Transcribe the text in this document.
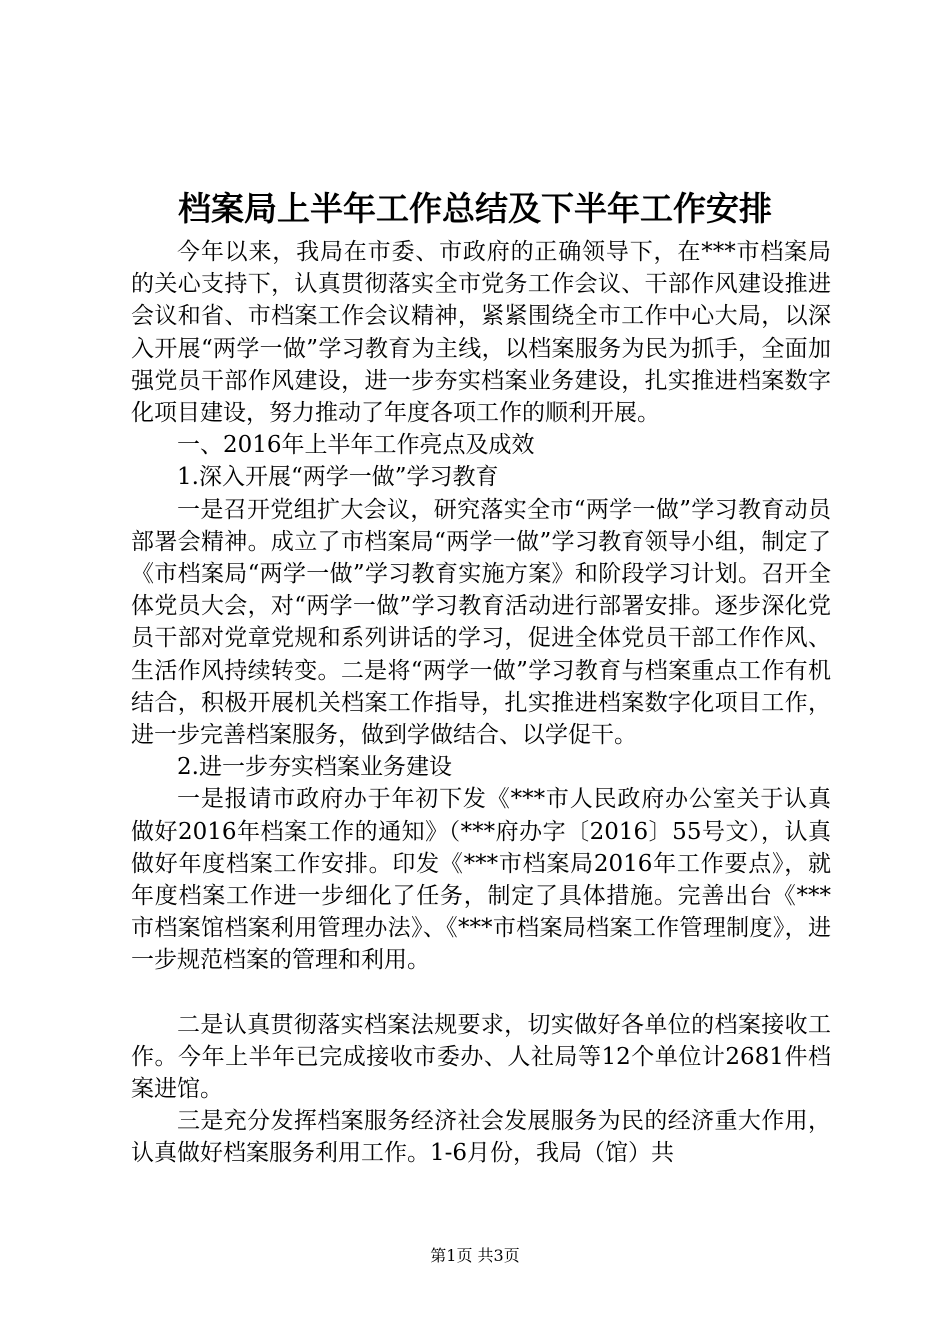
档案局上半年工作总结及下半年工作安排

今年以来，我局在市委、市政府的正确领导下，在***市档案局的关心支持下，认真贯彻落实全市党务工作会议、干部作风建设推进会议和省、市档案工作会议精神，紧紧围绕全市工作中心大局，以深入开展“两学一做”学习教育为主线，以档案服务为民为抓手，全面加强党员干部作风建设，进一步夯实档案业务建设，扎实推进档案数字化项目建设，努力推动了年度各项工作的顺利开展。

一、2016年上半年工作亮点及成效

1.深入开展“两学一做”学习教育

一是召开党组扩大会议，研究落实全市“两学一做”学习教育动员部署会精神。成立了市档案局“两学一做”学习教育领导小组，制定了《市档案局“两学一做”学习教育实施方案》和阶段学习计划。召开全体党员大会，对“两学一做”学习教育活动进行部署安排。逐步深化党员干部对党章党规和系列讲话的学习，促进全体党员干部工作作风、生活作风持续转变。二是将“两学一做”学习教育与档案重点工作有机结合，积极开展机关档案工作指导，扎实推进档案数字化项目工作，进一步完善档案服务，做到学做结合、以学促干。

2.进一步夯实档案业务建设

一是报请市政府办于年初下发《***市人民政府办公室关于认真做好2016年档案工作的通知》（***府办字〔2016〕55号文），认真做好年度档案工作安排。印发《***市档案局2016年工作要点》，就年度档案工作进一步细化了任务，制定了具体措施。完善出台《***市档案馆档案利用管理办法》、《***市档案局档案工作管理制度》，进一步规范档案的管理和利用。

二是认真贯彻落实档案法规要求，切实做好各单位的档案接收工作。今年上半年已完成接收市委办、人社局等12个单位计2681件档案进馆。

三是充分发挥档案服务经济社会发展服务为民的经济重大作用，认真做好档案服务利用工作。1-6月份，我局（馆）共

第1页 共3页
